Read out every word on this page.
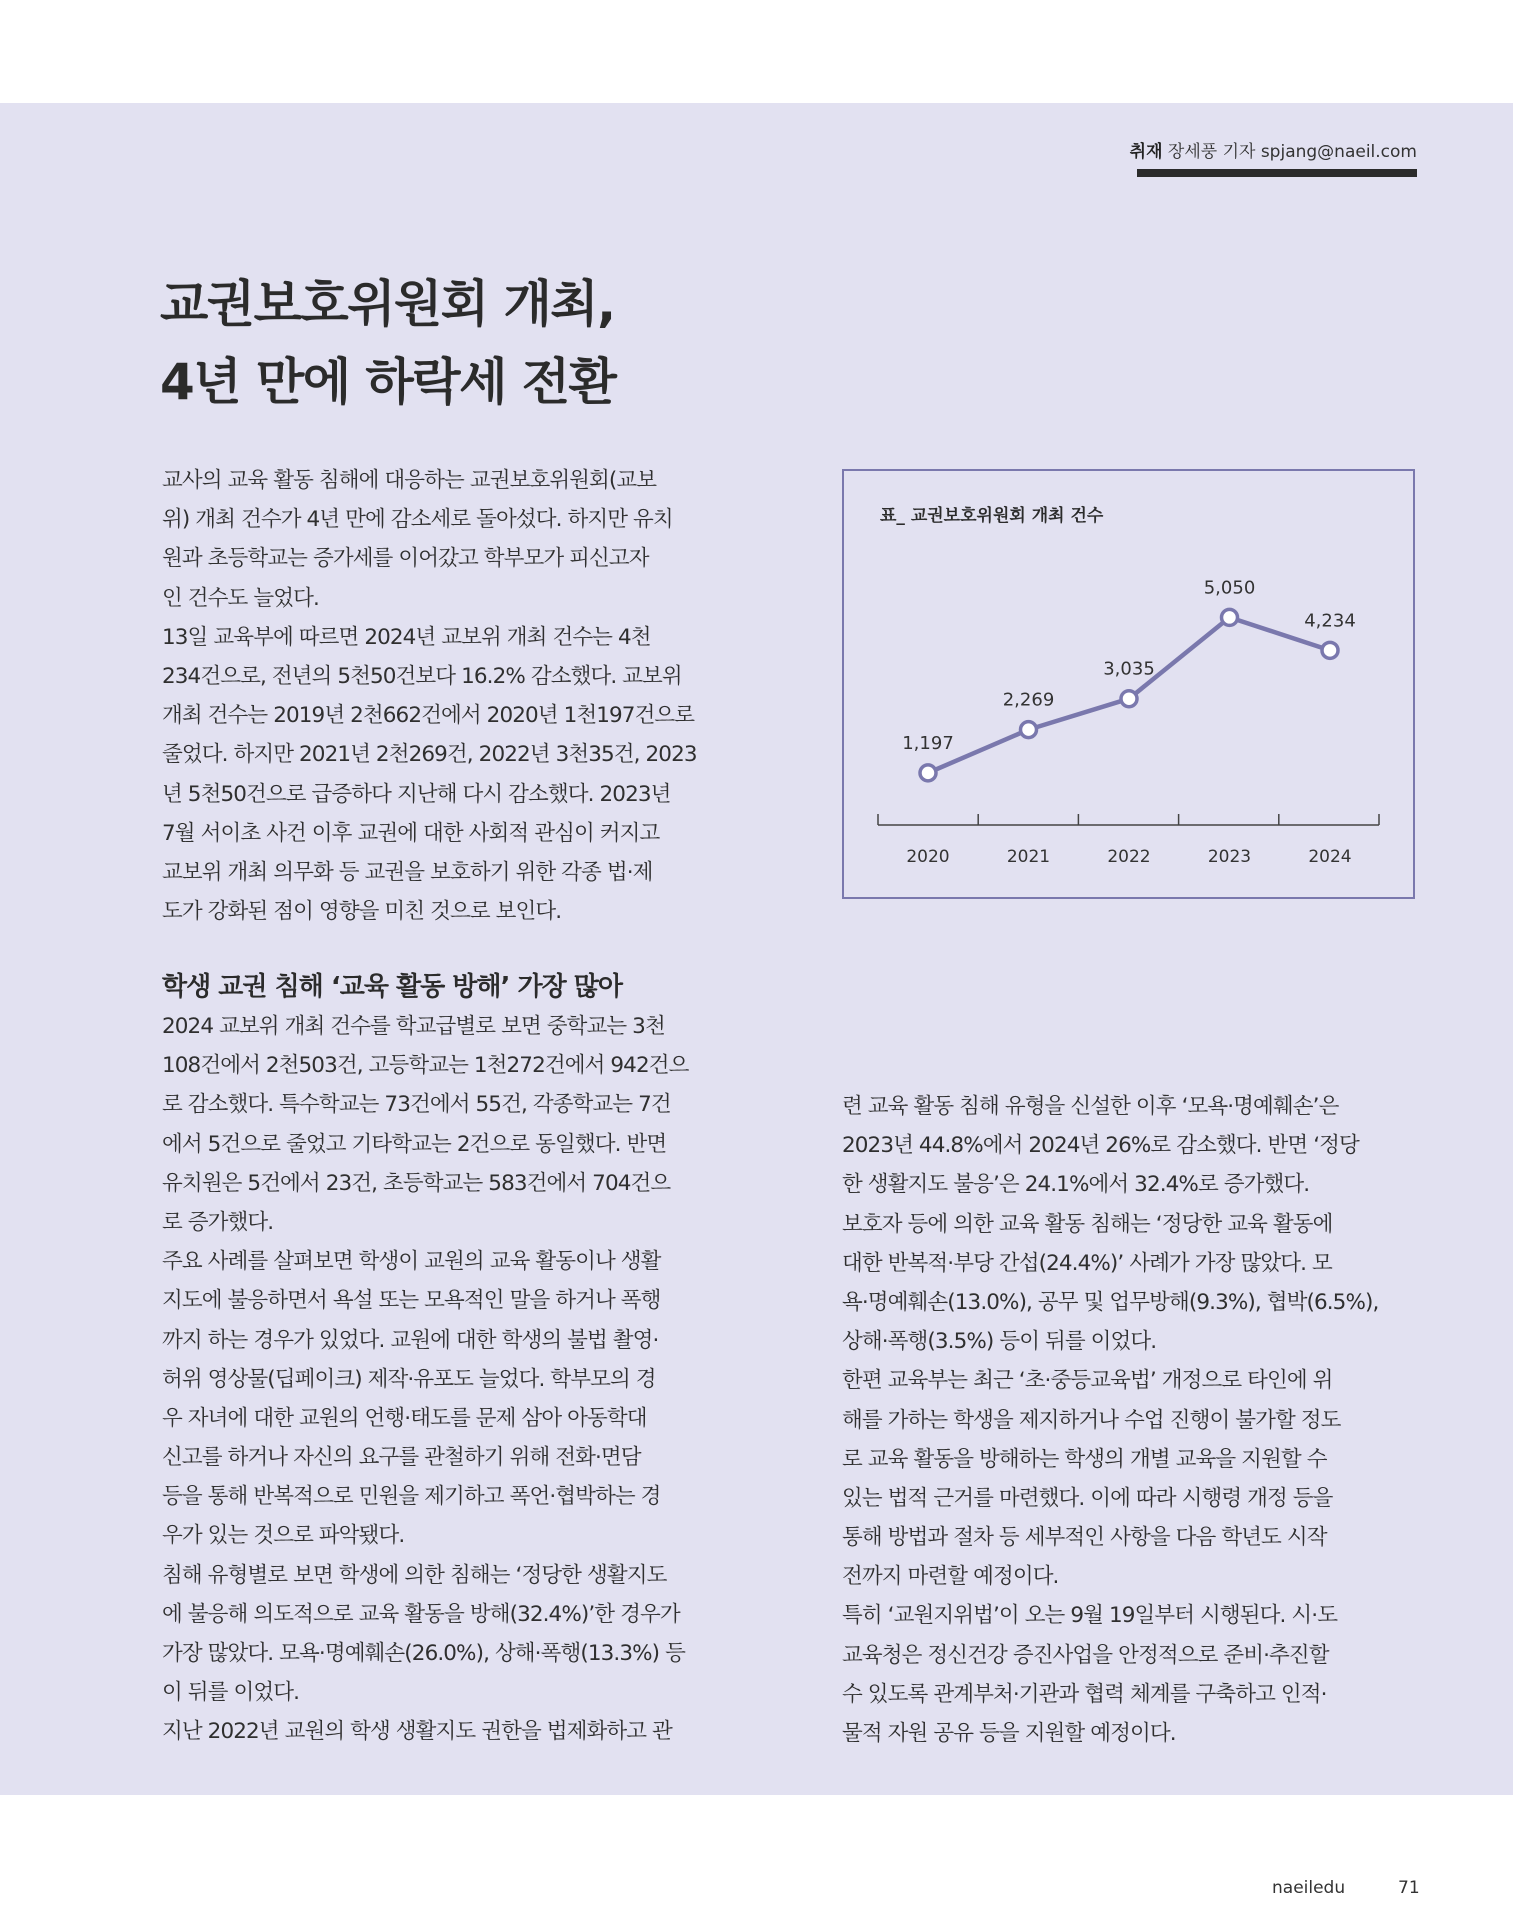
취재 장세풍 기자 spjang@naeil.com
교권보호위원회 개최,
4년 만에 하락세 전환
교사의 교육 활동 침해에 대응하는 교권보호위원회(교보
위) 개최 건수가 4년 만에 감소세로 돌아섰다. 하지만 유치
원과 초등학교는 증가세를 이어갔고 학부모가 피신고자
인 건수도 늘었다.
13일 교육부에 따르면 2024년 교보위 개최 건수는 4천
234건으로, 전년의 5천50건보다 16.2% 감소했다. 교보위
개최 건수는 2019년 2천662건에서 2020년 1천197건으로
줄었다. 하지만 2021년 2천269건, 2022년 3천35건, 2023
년 5천50건으로 급증하다 지난해 다시 감소했다. 2023년
7월 서이초 사건 이후 교권에 대한 사회적 관심이 커지고
교보위 개최 의무화 등 교권을 보호하기 위한 각종 법·제
도가 강화된 점이 영향을 미친 것으로 보인다.
학생 교권 침해 ‘교육 활동 방해’ 가장 많아
2024 교보위 개최 건수를 학교급별로 보면 중학교는 3천
108건에서 2천503건, 고등학교는 1천272건에서 942건으
로 감소했다. 특수학교는 73건에서 55건, 각종학교는 7건
에서 5건으로 줄었고 기타학교는 2건으로 동일했다. 반면
유치원은 5건에서 23건, 초등학교는 583건에서 704건으
로 증가했다.
주요 사례를 살펴보면 학생이 교원의 교육 활동이나 생활
지도에 불응하면서 욕설 또는 모욕적인 말을 하거나 폭행
까지 하는 경우가 있었다. 교원에 대한 학생의 불법 촬영·
허위 영상물(딥페이크) 제작·유포도 늘었다. 학부모의 경
우 자녀에 대한 교원의 언행·태도를 문제 삼아 아동학대
신고를 하거나 자신의 요구를 관철하기 위해 전화·면담
등을 통해 반복적으로 민원을 제기하고 폭언·협박하는 경
우가 있는 것으로 파악됐다.
침해 유형별로 보면 학생에 의한 침해는 ‘정당한 생활지도
에 불응해 의도적으로 교육 활동을 방해(32.4%)’한 경우가
가장 많았다. 모욕·명예훼손(26.0%), 상해·폭행(13.3%) 등
이 뒤를 이었다.
지난 2022년 교원의 학생 생활지도 권한을 법제화하고 관
련 교육 활동 침해 유형을 신설한 이후 ‘모욕·명예훼손’은
2023년 44.8%에서 2024년 26%로 감소했다. 반면 ‘정당
한 생활지도 불응’은 24.1%에서 32.4%로 증가했다.
보호자 등에 의한 교육 활동 침해는 ‘정당한 교육 활동에
대한 반복적·부당 간섭(24.4%)’ 사례가 가장 많았다. 모
욕·명예훼손(13.0%), 공무 및 업무방해(9.3%), 협박(6.5%),
상해·폭행(3.5%) 등이 뒤를 이었다.
한편 교육부는 최근 ‘초·중등교육법’ 개정으로 타인에 위
해를 가하는 학생을 제지하거나 수업 진행이 불가할 정도
로 교육 활동을 방해하는 학생의 개별 교육을 지원할 수
있는 법적 근거를 마련했다. 이에 따라 시행령 개정 등을
통해 방법과 절차 등 세부적인 사항을 다음 학년도 시작
전까지 마련할 예정이다.
특히 ‘교원지위법’이 오는 9월 19일부터 시행된다. 시·도
교육청은 정신건강 증진사업을 안정적으로 준비·추진할
수 있도록 관계부처·기관과 협력 체계를 구축하고 인적·
물적 자원 공유 등을 지원할 예정이다.
표_ 교권보호위원회 개최 건수
2020	2021	2022	2023	2024
1,197
2,269
3,035
5,050
4,234
naeiledu	71
